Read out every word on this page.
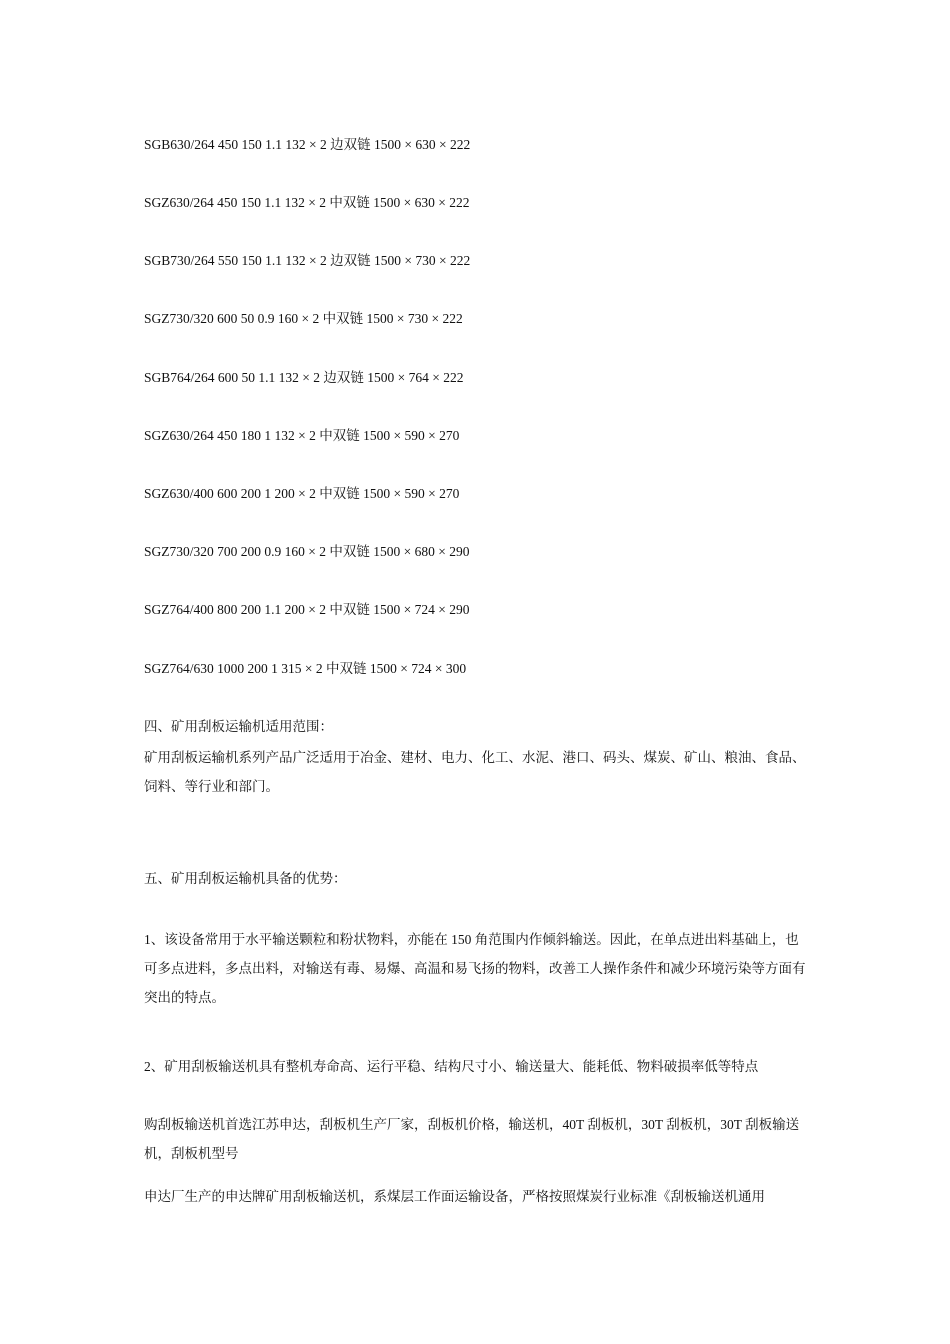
SGB630/264 450 150 1.1 132 × 2 边双链 1500 × 630 × 222
SGZ630/264 450 150 1.1 132 × 2 中双链 1500 × 630 × 222
SGB730/264 550 150 1.1 132 × 2 边双链 1500 × 730 × 222
SGZ730/320 600 50 0.9 160 × 2 中双链 1500 × 730 × 222
SGB764/264 600 50 1.1 132 × 2 边双链 1500 × 764 × 222
SGZ630/264 450 180 1 132 × 2 中双链 1500 × 590 × 270
SGZ630/400 600 200 1 200 × 2 中双链 1500 × 590 × 270
SGZ730/320 700 200 0.9 160 × 2 中双链 1500 × 680 × 290
SGZ764/400 800 200 1.1 200 × 2 中双链 1500 × 724 × 290
SGZ764/630 1000 200 1 315 × 2 中双链 1500 × 724 × 300
四、矿用刮板运输机适用范围：
矿用刮板运输机系列产品广泛适用于冶金、建材、电力、化工、水泥、港口、码头、煤炭、矿山、粮油、食品、饲料、等行业和部门。
五、矿用刮板运输机具备的优势：
1、该设备常用于水平输送颗粒和粉状物料，亦能在 150 角范围内作倾斜输送。因此，在单点进出料基础上，也可多点进料，多点出料，对输送有毒、易爆、高温和易飞扬的物料，改善工人操作条件和减少环境污染等方面有突出的特点。
2、矿用刮板输送机具有整机寿命高、运行平稳、结构尺寸小、输送量大、能耗低、物料破损率低等特点
购刮板输送机首选江苏申达，刮板机生产厂家，刮板机价格，输送机，40T 刮板机，30T 刮板机，30T 刮板输送机，刮板机型号
申达厂生产的申达牌矿用刮板输送机，系煤层工作面运输设备，严格按照煤炭行业标准《刮板输送机通用
